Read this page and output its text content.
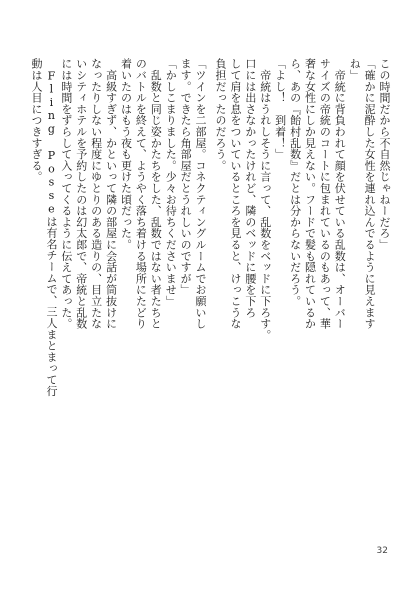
この時間だから不自然じゃねーだろ」
「確かに泥酔した女性を連れ込んでるように見えます
ね」
　帝統に背負われて顔を伏せている乱数は、オーバー
サイズの帝統のコートに包まれているのもあって、華
奢な女性にしか見えない。フードで髪も隠れているか
ら、あの『飴村乱数』だとは分からないだろう。
「よし！　到着！」
　帝統はうれしそうに言って、乱数をベッドに下ろす。
口には出さなかったけれど、隣のベッドに腰を下ろ
して肩を息をついているところを見ると、けっこうな
負担だったのだろう。
「ツインを二部屋。コネクティングルームでお願いし
ます。できたら角部屋だとうれしいのですが」
「かしこまりました。少々お待ちくださいませ」
　乱数と同じ姿かたちをした、乱数ではない者たちと
のバトルを終えて、ようやく落ち着ける場所にたどり
着いたのはもう夜も更けた頃だった。
　高級すぎず、かといって隣の部屋に会話が筒抜けに
なったりしない程度にゆとりのある造りの、目立たな
いシティホテルを予約したのは幻太郎で、帝統と乱数
には時間をずらして入ってくるように伝えてあった。
　Fling Posseは有名チームで、三人まとまって行
動は人目につきすぎる。
32
